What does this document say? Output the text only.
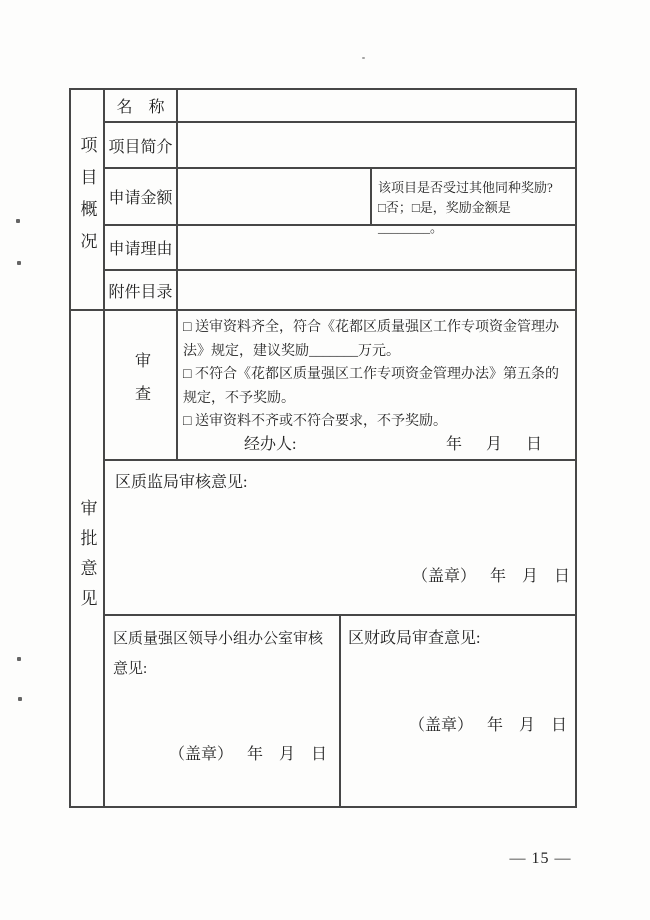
项目概况
名　称
项目简介
申请金额
该项目是否受过其他同种奖励?
□否；□是，奖励金额是________。
申请理由
附件目录
审批意见
审查

□ 送审资料齐全，符合《花都区质量强区工作专项资金管理办法》规定，建议奖励_______万元。

□ 不符合《花都区质量强区工作专项资金管理办法》第五条的规定，不予奖励。

□ 送审资料不齐或不符合要求，不予奖励。

经办人:	年　月　日
区质监局审核意见:
（盖章） 年　月　日
区质量强区领导小组办公室审核意见:
（盖章） 年　月　日
区财政局审查意见:
（盖章） 年　月　日
— 15 —
